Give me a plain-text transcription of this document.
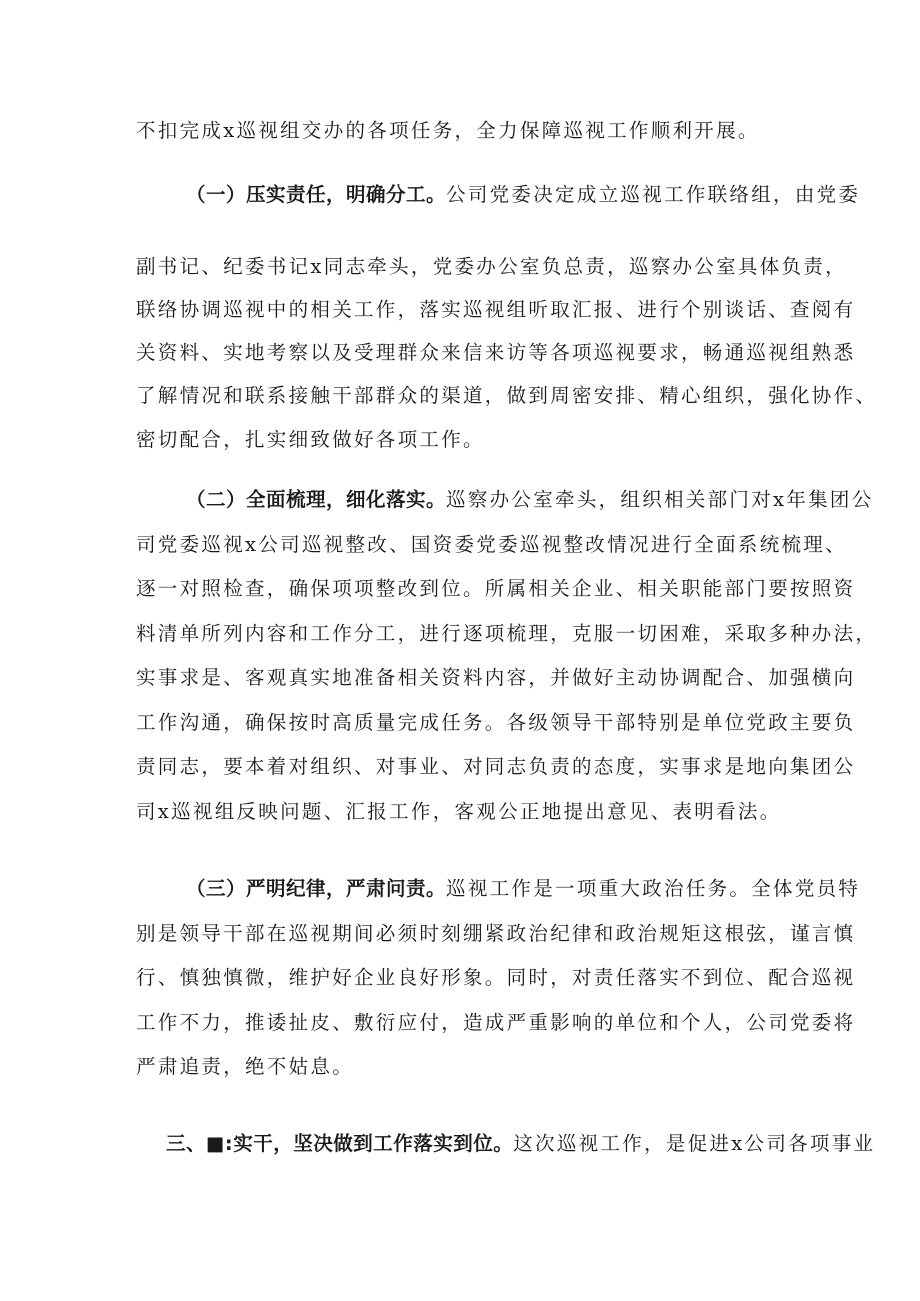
不扣完成x巡视组交办的各项任务，全力保障巡视工作顺利开展。
（一）压实责任，明确分工。公司党委决定成立巡视工作联络组，由党委
副书记、纪委书记x同志牵头，党委办公室负总责，巡察办公室具体负责，
联络协调巡视中的相关工作，落实巡视组听取汇报、进行个别谈话、查阅有
关资料、实地考察以及受理群众来信来访等各项巡视要求，畅通巡视组熟悉
了解情况和联系接触干部群众的渠道，做到周密安排、精心组织，强化协作、
密切配合，扎实细致做好各项工作。
（二）全面梳理，细化落实。巡察办公室牵头，组织相关部门对x年集团公
司党委巡视x公司巡视整改、国资委党委巡视整改情况进行全面系统梳理、
逐一对照检查，确保项项整改到位。所属相关企业、相关职能部门要按照资
料清单所列内容和工作分工，进行逐项梳理，克服一切困难，采取多种办法，
实事求是、客观真实地准备相关资料内容，并做好主动协调配合、加强横向
工作沟通，确保按时高质量完成任务。各级领导干部特别是单位党政主要负
责同志，要本着对组织、对事业、对同志负责的态度，实事求是地向集团公
司x巡视组反映问题、汇报工作，客观公正地提出意见、表明看法。
（三）严明纪律，严肃问责。巡视工作是一项重大政治任务。全体党员特
别是领导干部在巡视期间必须时刻绷紧政治纪律和政治规矩这根弦，谨言慎
行、慎独慎微，维护好企业良好形象。同时，对责任落实不到位、配合巡视
工作不力，推诿扯皮、敷衍应付，造成严重影响的单位和个人，公司党委将
严肃追责，绝不姑息。
三、■:实干，坚决做到工作落实到位。这次巡视工作，是促进x公司各项事业
